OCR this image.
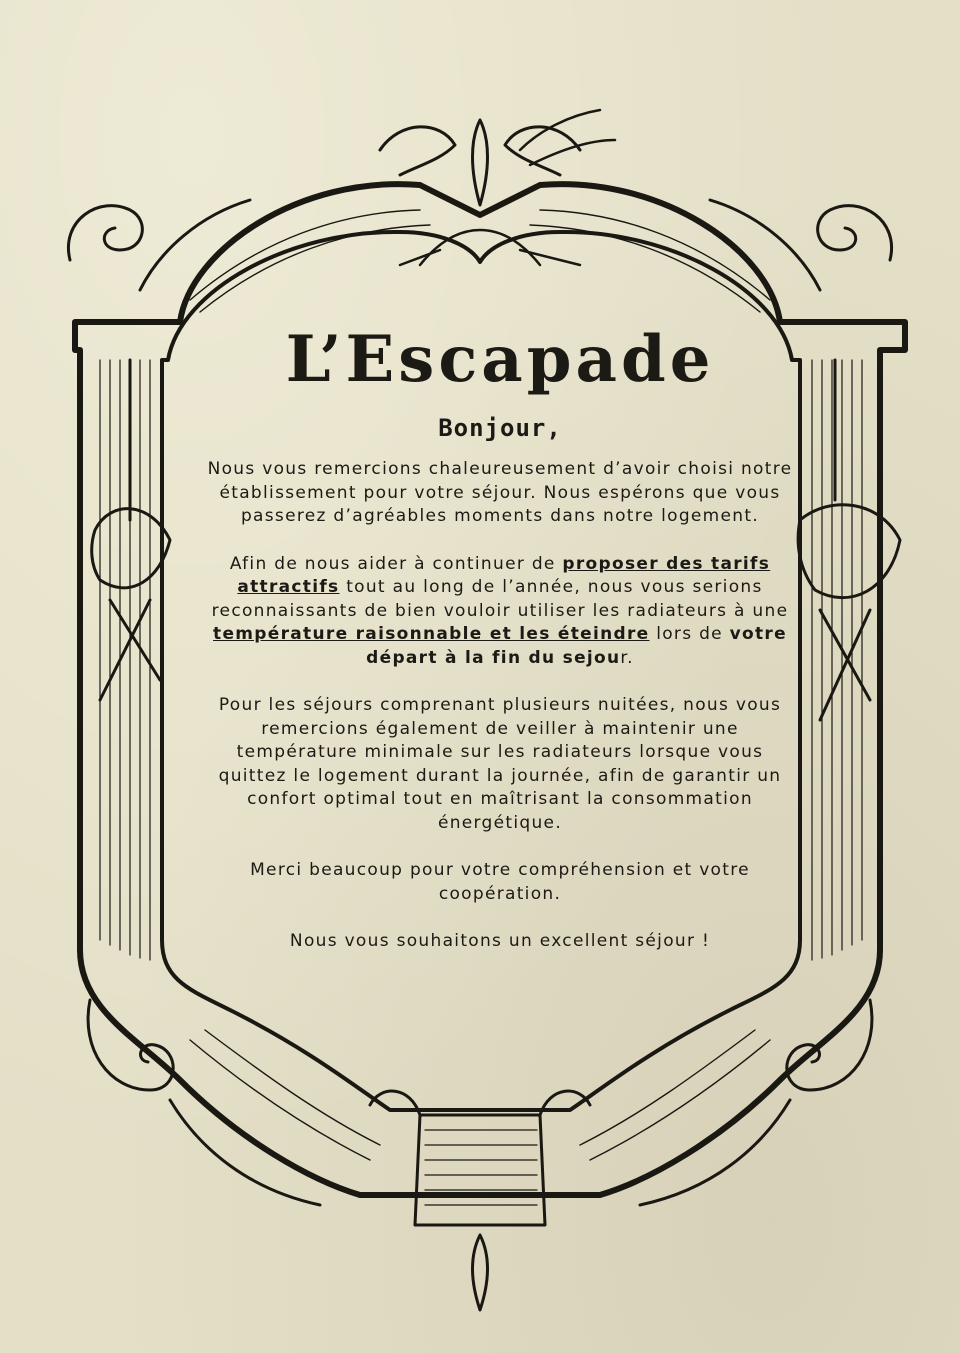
L’Escapade
Bonjour,

Nous vous remercions chaleureusement d’avoir choisi notre établissement pour votre séjour. Nous espérons que vous passerez d’agréables moments dans notre logement.

Afin de nous aider à continuer de proposer des tarifs attractifs tout au long de l’année, nous vous serions reconnaissants de bien vouloir utiliser les radiateurs à une température raisonnable et les éteindre lors de votre départ à la fin du sejour.

Pour les séjours comprenant plusieurs nuitées, nous vous remercions également de veiller à maintenir une température minimale sur les radiateurs lorsque vous quittez le logement durant la journée, afin de garantir un confort optimal tout en maîtrisant la consommation énergétique.

Merci beaucoup pour votre compréhension et votre coopération.

Nous vous souhaitons un excellent séjour !
